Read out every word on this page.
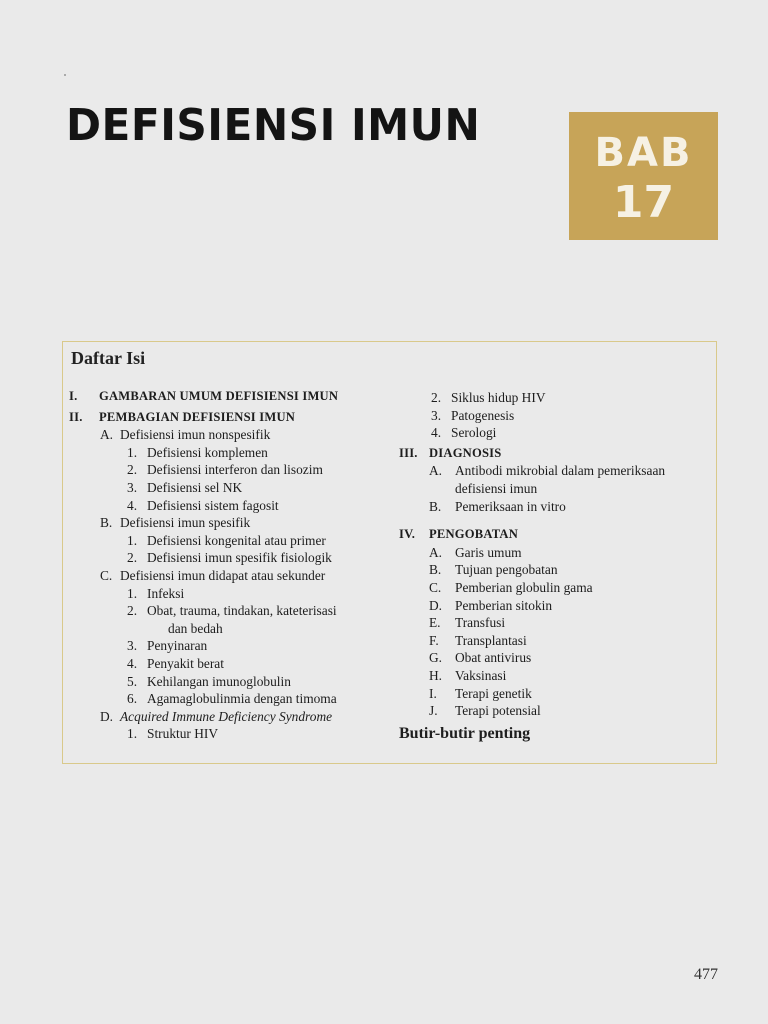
DEFISIENSI IMUN
BAB
17
Daftar Isi
I. GAMBARAN UMUM DEFISIENSI IMUN
II. PEMBAGIAN DEFISIENSI IMUN
A. Defisiensi imun nonspesifik
1. Defisiensi komplemen
2. Defisiensi interferon dan lisozim
3. Defisiensi sel NK
4. Defisiensi sistem fagosit
B. Defisiensi imun spesifik
1. Defisiensi kongenital atau primer
2. Defisiensi imun spesifik fisiologik
C. Defisiensi imun didapat atau sekunder
1. Infeksi
2. Obat, trauma, tindakan, kateterisasi
dan bedah
3. Penyinaran
4. Penyakit berat
5. Kehilangan imunoglobulin
6. Agamaglobulinmia dengan timoma
D. Acquired Immune Deficiency Syndrome
1. Struktur HIV
2. Siklus hidup HIV
3. Patogenesis
4. Serologi
III. DIAGNOSIS
A. Antibodi mikrobial dalam pemeriksaan
defisiensi imun
B. Pemeriksaan in vitro
IV. PENGOBATAN
A. Garis umum
B. Tujuan pengobatan
C. Pemberian globulin gama
D. Pemberian sitokin
E. Transfusi
F. Transplantasi
G. Obat antivirus
H. Vaksinasi
I. Terapi genetik
J. Terapi potensial
Butir-butir penting
477
